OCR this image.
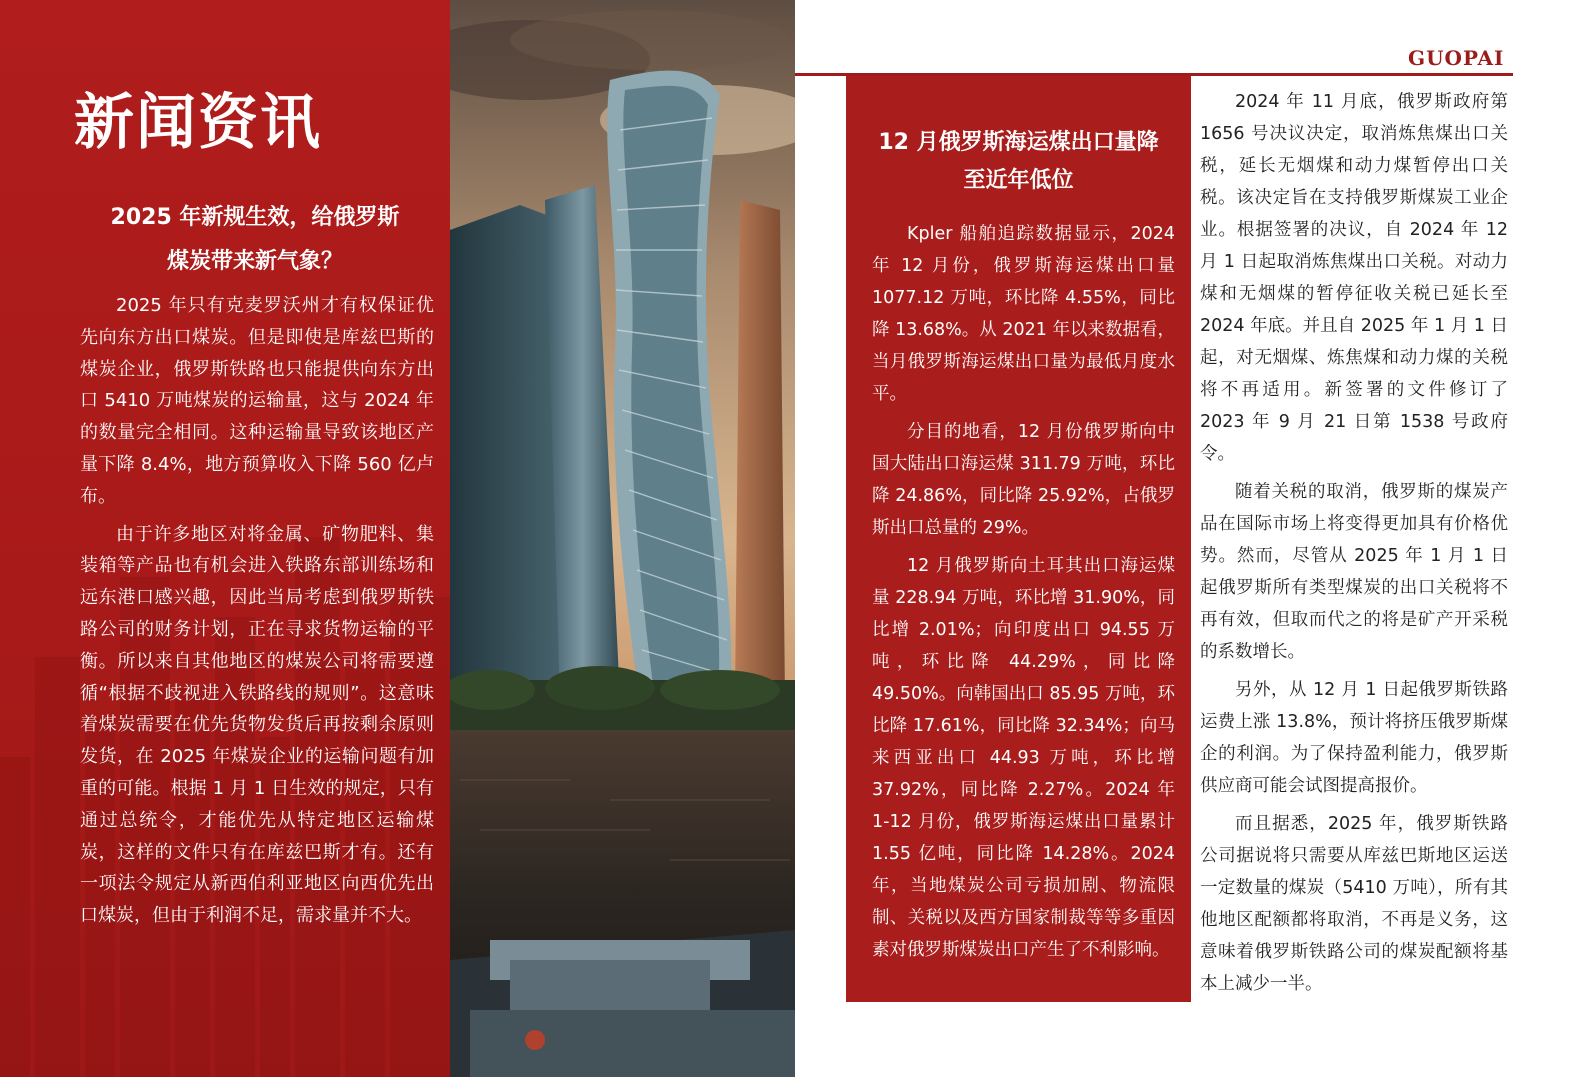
新闻资讯
2025 年新规生效，给俄罗斯
煤炭带来新气象？

2025 年只有克麦罗沃州才有权保证优先向东方出口煤炭。但是即使是库兹巴斯的煤炭企业，俄罗斯铁路也只能提供向东方出口 5410 万吨煤炭的运输量，这与 2024 年的数量完全相同。这种运输量导致该地区产量下降 8.4%，地方预算收入下降 560 亿卢布。

由于许多地区对将金属、矿物肥料、集装箱等产品也有机会进入铁路东部训练场和远东港口感兴趣，因此当局考虑到俄罗斯铁路公司的财务计划，正在寻求货物运输的平衡。所以来自其他地区的煤炭公司将需要遵循“根据不歧视进入铁路线的规则”。这意味着煤炭需要在优先货物发货后再按剩余原则发货，在 2025 年煤炭企业的运输问题有加重的可能。根据 1 月 1 日生效的规定，只有通过总统令，才能优先从特定地区运输煤炭，这样的文件只有在库兹巴斯才有。还有一项法令规定从新西伯利亚地区向西优先出口煤炭，但由于利润不足，需求量并不大。

GUOPAI
12 月俄罗斯海运煤出口量降
至近年低位

Kpler 船舶追踪数据显示，2024 年 12 月份，俄罗斯海运煤出口量 1077.12 万吨，环比降 4.55%，同比降 13.68%。从 2021 年以来数据看，当月俄罗斯海运煤出口量为最低月度水平。

分目的地看，12 月份俄罗斯向中国大陆出口海运煤 311.79 万吨，环比降 24.86%，同比降 25.92%，占俄罗斯出口总量的 29%。

12 月俄罗斯向土耳其出口海运煤量 228.94 万吨，环比增 31.90%，同比增 2.01%；向印度出口 94.55 万吨，环比降 44.29%，同比降 49.50%。向韩国出口 85.95 万吨，环比降 17.61%，同比降 32.34%；向马来西亚出口 44.93 万吨，环比增 37.92%，同比降 2.27%。2024 年 1-12 月份，俄罗斯海运煤出口量累计 1.55 亿吨，同比降 14.28%。2024 年，当地煤炭公司亏损加剧、物流限制、关税以及西方国家制裁等等多重因素对俄罗斯煤炭出口产生了不利影响。

2024 年 11 月底，俄罗斯政府第 1656 号决议决定，取消炼焦煤出口关税，延长无烟煤和动力煤暂停出口关税。该决定旨在支持俄罗斯煤炭工业企业。根据签署的决议，自 2024 年 12 月 1 日起取消炼焦煤出口关税。对动力煤和无烟煤的暂停征收关税已延长至 2024 年底。并且自 2025 年 1 月 1 日起，对无烟煤、炼焦煤和动力煤的关税将不再适用。新签署的文件修订了 2023 年 9 月 21 日第 1538 号政府令。

随着关税的取消，俄罗斯的煤炭产品在国际市场上将变得更加具有价格优势。然而，尽管从 2025 年 1 月 1 日起俄罗斯所有类型煤炭的出口关税将不再有效，但取而代之的将是矿产开采税的系数增长。

另外，从 12 月 1 日起俄罗斯铁路运费上涨 13.8%，预计将挤压俄罗斯煤企的利润。为了保持盈利能力，俄罗斯供应商可能会试图提高报价。

而且据悉，2025 年，俄罗斯铁路公司据说将只需要从库兹巴斯地区运送一定数量的煤炭（5410 万吨），所有其他地区配额都将取消，不再是义务，这意味着俄罗斯铁路公司的煤炭配额将基本上减少一半。
